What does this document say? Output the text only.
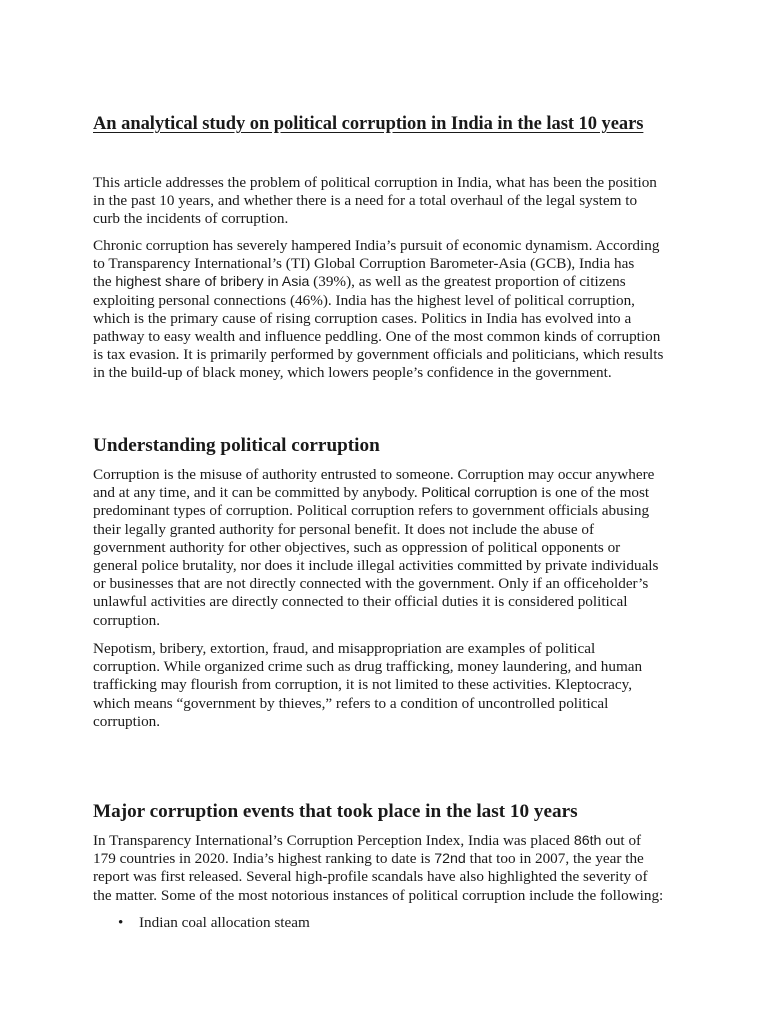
An analytical study on political corruption in India in the last 10 years

This article addresses the problem of political corruption in India, what has been the position
in the past 10 years, and whether there is a need for a total overhaul of the legal system to
curb the incidents of corruption.

Chronic corruption has severely hampered India’s pursuit of economic dynamism. According
to Transparency International’s (TI) Global Corruption Barometer-Asia (GCB), India has
the highest share of bribery in Asia (39%), as well as the greatest proportion of citizens
exploiting personal connections (46%). India has the highest level of political corruption,
which is the primary cause of rising corruption cases. Politics in India has evolved into a
pathway to easy wealth and influence peddling. One of the most common kinds of corruption
is tax evasion. It is primarily performed by government officials and politicians, which results
in the build-up of black money, which lowers people’s confidence in the government.

Understanding political corruption

Corruption is the misuse of authority entrusted to someone. Corruption may occur anywhere
and at any time, and it can be committed by anybody. Political corruption is one of the most
predominant types of corruption. Political corruption refers to government officials abusing
their legally granted authority for personal benefit. It does not include the abuse of
government authority for other objectives, such as oppression of political opponents or
general police brutality, nor does it include illegal activities committed by private individuals
or businesses that are not directly connected with the government. Only if an officeholder’s
unlawful activities are directly connected to their official duties it is considered political
corruption.

Nepotism, bribery, extortion, fraud, and misappropriation are examples of political
corruption. While organized crime such as drug trafficking, money laundering, and human
trafficking may flourish from corruption, it is not limited to these activities. Kleptocracy,
which means “government by thieves,” refers to a condition of uncontrolled political
corruption.

Major corruption events that took place in the last 10 years

In Transparency International’s Corruption Perception Index, India was placed 86th out of
179 countries in 2020. India’s highest ranking to date is 72nd that too in 2007, the year the
report was first released. Several high-profile scandals have also highlighted the severity of
the matter. Some of the most notorious instances of political corruption include the following:

• Indian coal allocation steam
